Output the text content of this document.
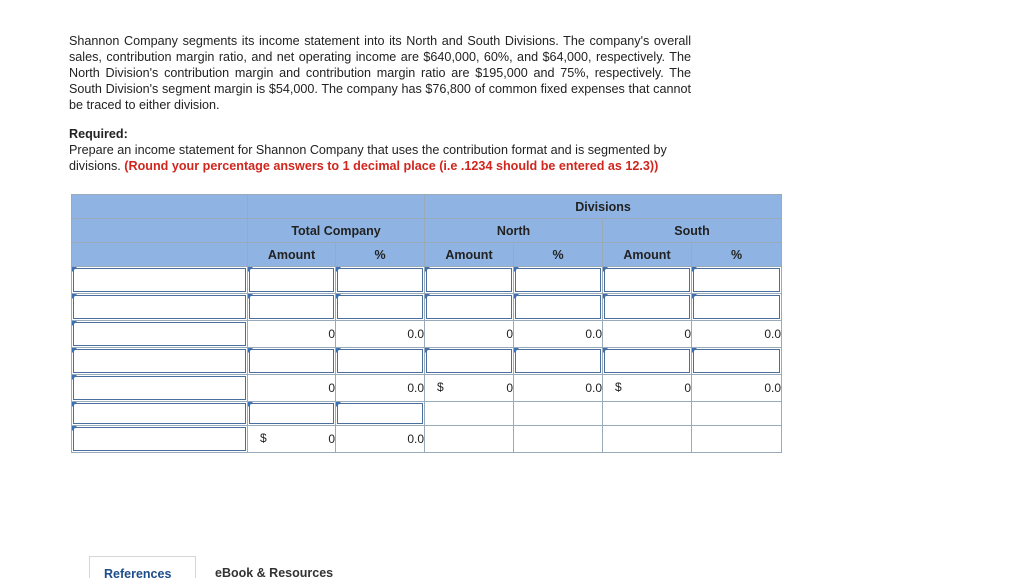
Shannon Company segments its income statement into its North and South Divisions. The company's overall sales, contribution margin ratio, and net operating income are $640,000, 60%, and $64,000, respectively. The North Division's contribution margin and contribution margin ratio are $195,000 and 75%, respectively. The South Division's segment margin is $54,000. The company has $76,800 of common fixed expenses that cannot be traced to either division.
Required:
Prepare an income statement for Shannon Company that uses the contribution format and is segmented by divisions. (Round your percentage answers to 1 decimal place (i.e .1234 should be entered as 12.3))
			Divisions			
	Total Company		North		South	
	Amount	%	Amount	%	Amount	%

	0	0.0	0	0.0	0	0.0

	0	0.0	$ 0	0.0	$ 0	0.0

	$ 0	0.0				
References	eBook & Resources
